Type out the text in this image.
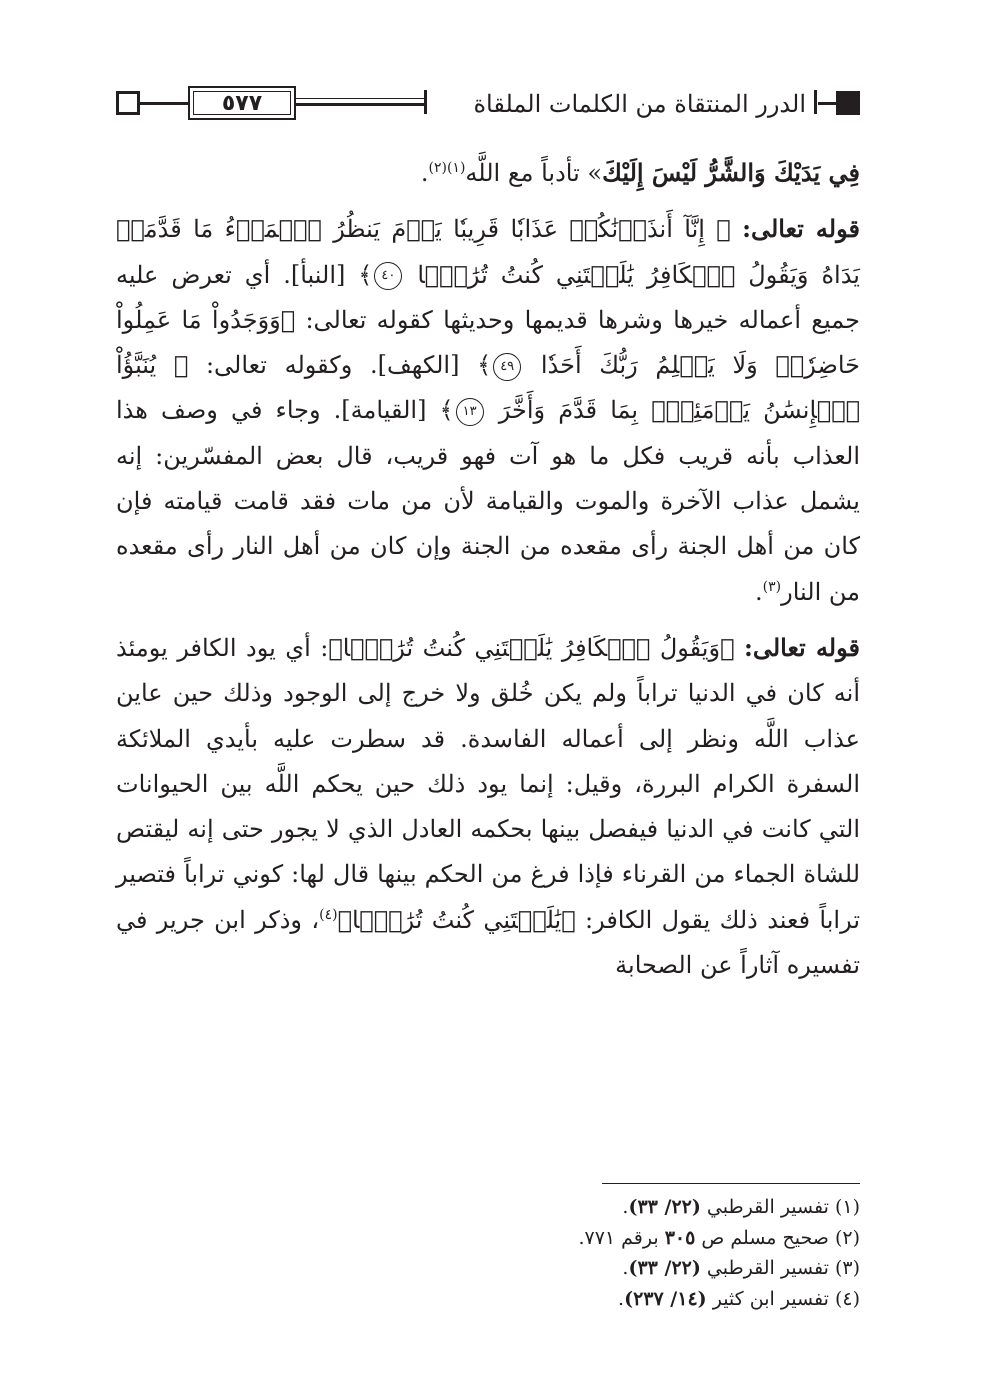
٥٧٧	الدرر المنتقاة من الكلمات الملقاة

فِي يَدَيْكَ وَالشَّرُّ لَيْسَ إِلَيْكَ» تأدباً مع اللَّه$^{(١)(٢)}$.

قوله تعالى: ﴿ إِنَّآ أَنذَرۡنَٰكُمۡ عَذَابٗا قَرِيبٗا يَوۡمَ يَنظُرُ ٱلۡمَرۡءُ مَا قَدَّمَتۡ يَدَاهُ وَيَقُولُ ٱلۡكَافِرُ يَٰلَيۡتَنِي كُنتُ تُرَٰبَۢا ٤٠﴾ [النبأ]. أي تعرض عليه جميع أعماله خيرها وشرها قديمها وحديثها كقوله تعالى: ﴿وَوَجَدُواْ مَا عَمِلُواْ حَاضِرٗاۗ وَلَا يَظۡلِمُ رَبُّكَ أَحَدٗا ٤٩﴾ [الكهف]. وكقوله تعالى: ﴿ يُنَبَّؤُاْ ٱلۡإِنسَٰنُ يَوۡمَئِذِۢ بِمَا قَدَّمَ وَأَخَّرَ ١٣﴾ [القيامة]. وجاء في وصف هذا العذاب بأنه قريب فكل ما هو آت فهو قريب، قال بعض المفسّرين: إنه يشمل عذاب الآخرة والموت والقيامة لأن من مات فقد قامت قيامته فإن كان من أهل الجنة رأى مقعده من الجنة وإن كان من أهل النار رأى مقعده من النار$^{(٣)}$.

قوله تعالى: ﴿وَيَقُولُ ٱلۡكَافِرُ يَٰلَيۡتَنِي كُنتُ تُرَٰبَۢا﴾: أي يود الكافر يومئذ أنه كان في الدنيا تراباً ولم يكن خُلق ولا خرج إلى الوجود وذلك حين عاين عذاب اللَّه ونظر إلى أعماله الفاسدة. قد سطرت عليه بأيدي الملائكة السفرة الكرام البررة، وقيل: إنما يود ذلك حين يحكم اللَّه بين الحيوانات التي كانت في الدنيا فيفصل بينها بحكمه العادل الذي لا يجور حتى إنه ليقتص للشاة الجماء من القرناء فإذا فرغ من الحكم بينها قال لها: كوني تراباً فتصير تراباً فعند ذلك يقول الكافر: ﴿يَٰلَيۡتَنِي كُنتُ تُرَٰبَۢا﴾$^{(٤)}$، وذكر ابن جرير في تفسيره آثاراً عن الصحابة

(١) تفسير القرطبي (٢٢/ ٣٣).
(٢) صحيح مسلم ص ٣٠٥ برقم ٧٧١.
(٣) تفسير القرطبي (٢٢/ ٣٣).
(٤) تفسير ابن كثير (١٤/ ٢٣٧).
